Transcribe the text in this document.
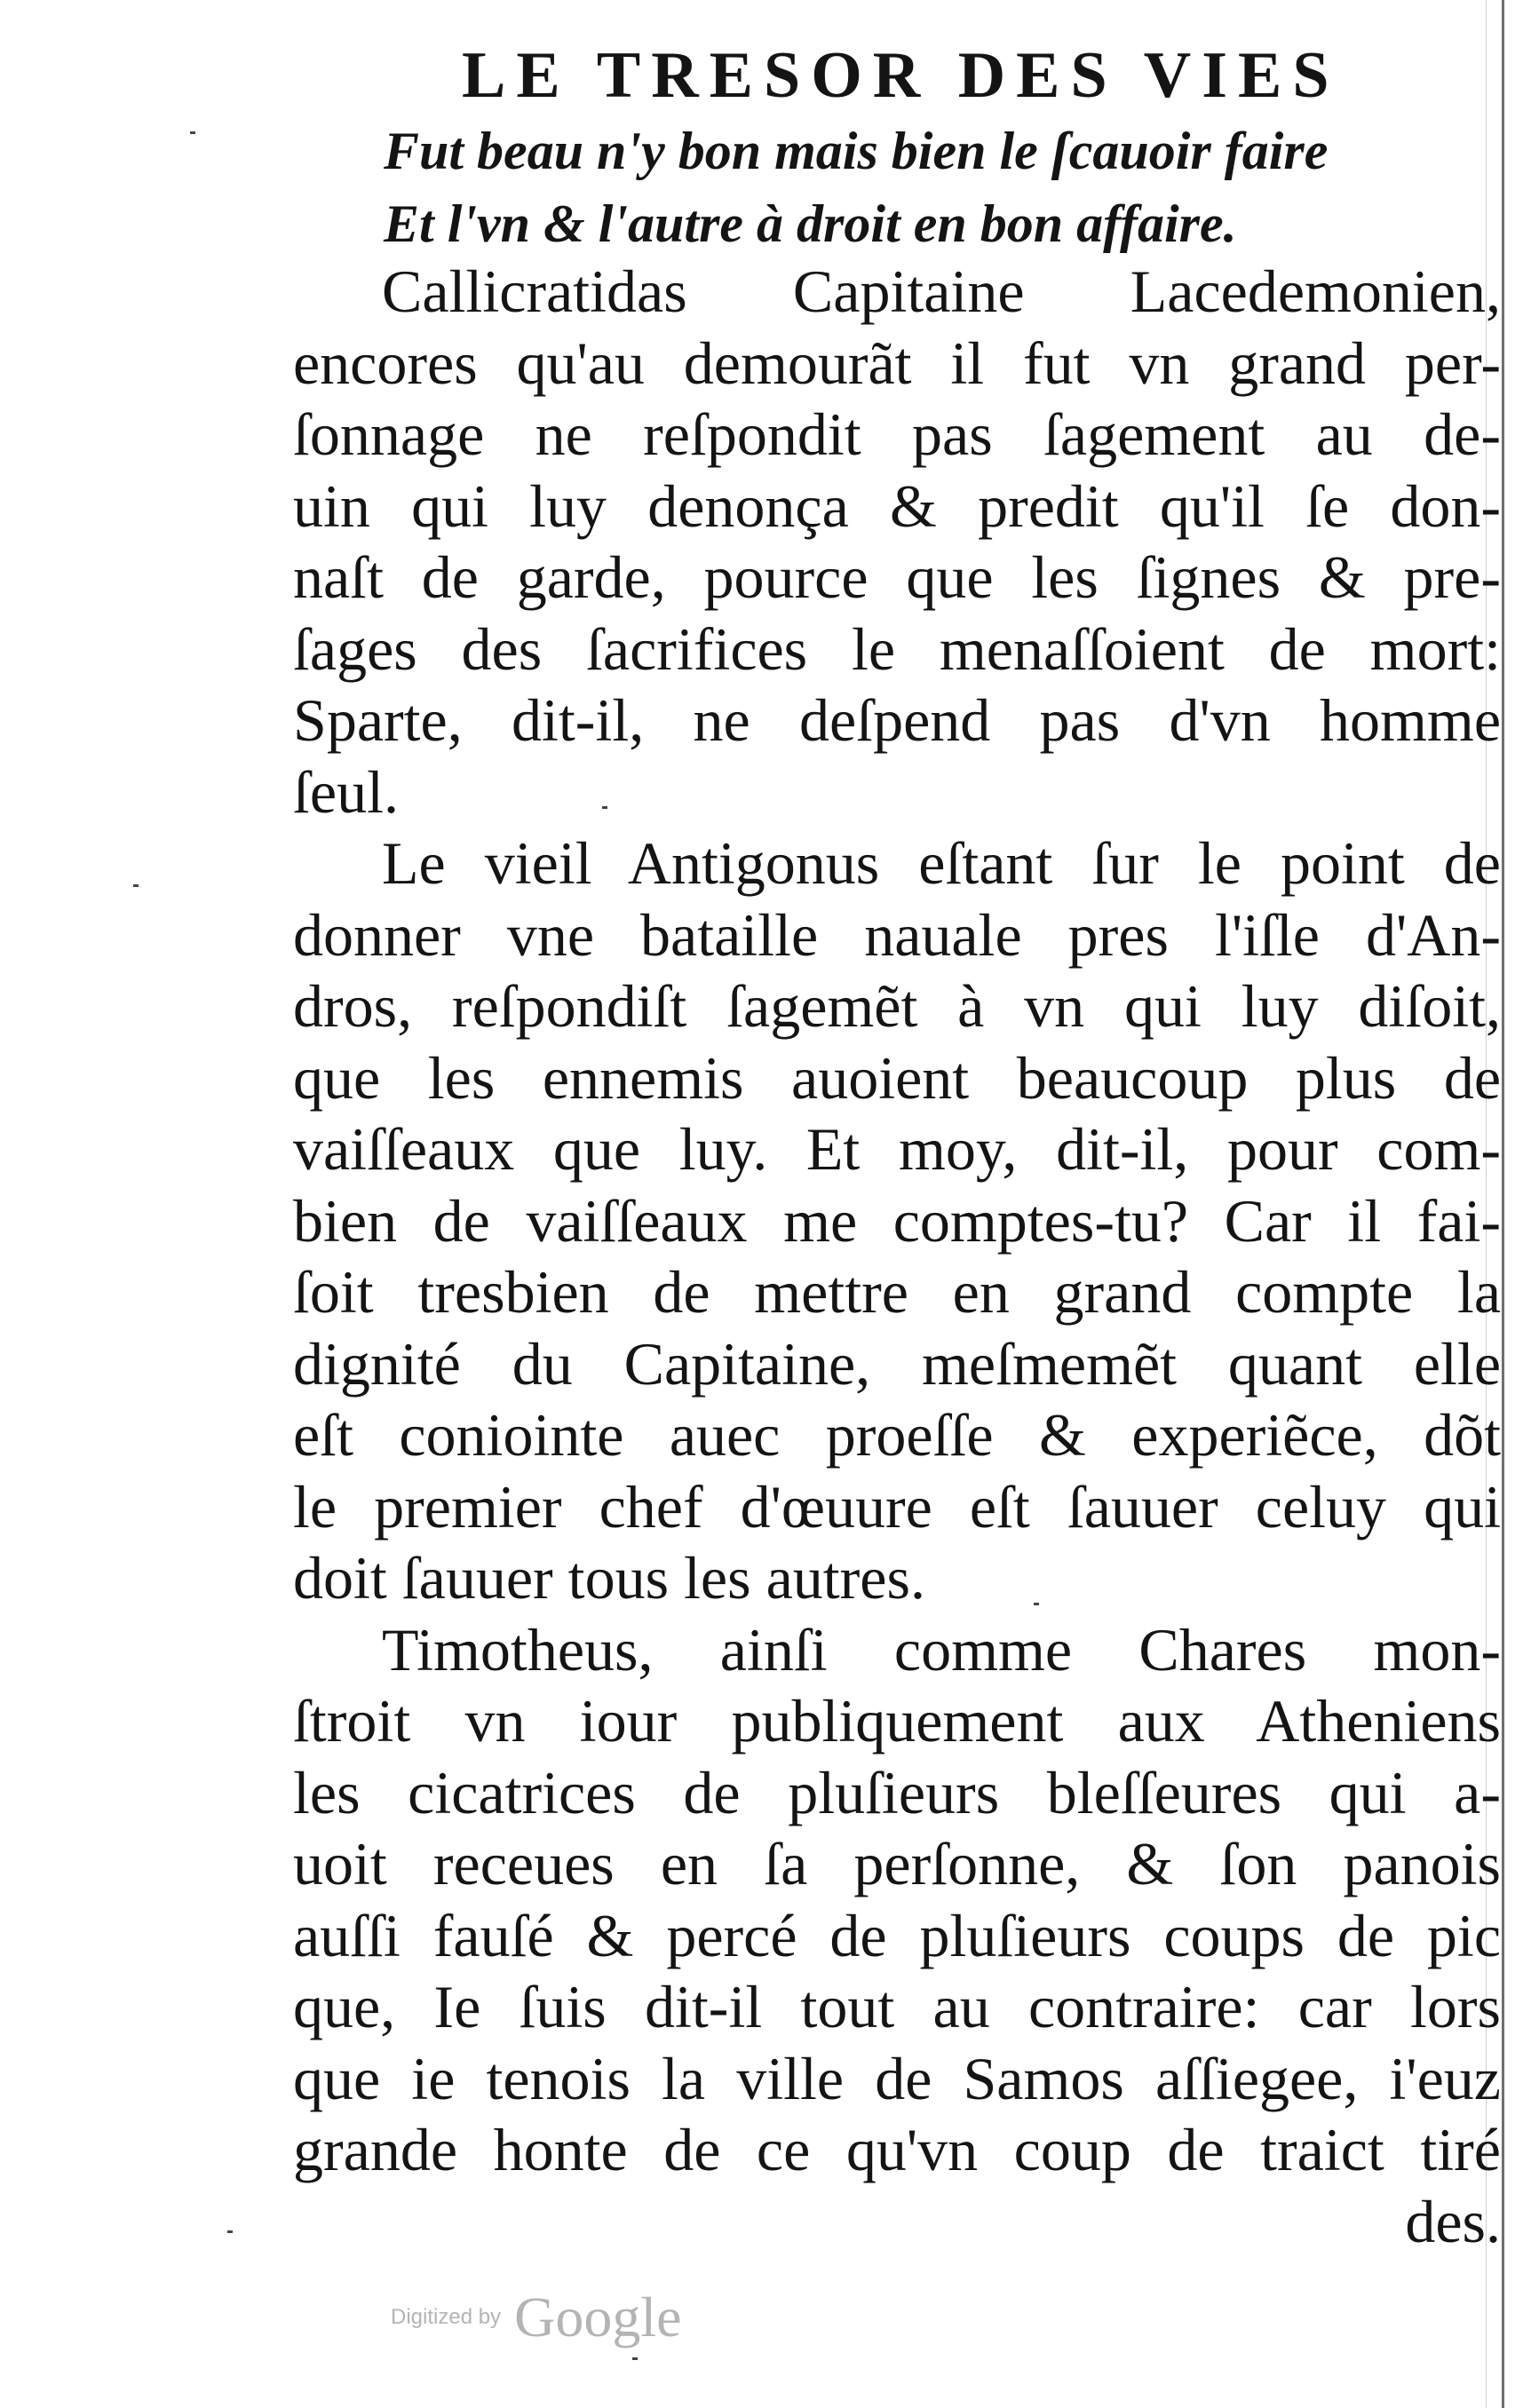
LE TRESOR DES VIES
Fut beau n'y bon mais bien le ſcauoir faire
Et l'vn & l'autre à droit en bon affaire.
Callicratidas Capitaine Lacedemonien,
encores qu'au demourãt il fut vn grand per-
ſonnage ne reſpondit pas ſagement au de-
uin qui luy denonça & predit qu'il ſe don-
naſt de garde, pource que les ſignes & pre-
ſages des ſacrifices le menaſſoient de mort:
Sparte, dit-il, ne deſpend pas d'vn homme
ſeul.
Le vieil Antigonus eſtant ſur le point de
donner vne bataille nauale pres l'iſle d'An-
dros, reſpondiſt ſagemẽt à vn qui luy diſoit,
que les ennemis auoient beaucoup plus de
vaiſſeaux que luy. Et moy, dit-il, pour com-
bien de vaiſſeaux me comptes-tu? Car il fai-
ſoit tresbien de mettre en grand compte la
dignité du Capitaine, meſmemẽt quant elle
eſt coniointe auec proeſſe & experiẽce, dõt
le premier chef d'œuure eſt ſauuer celuy qui
doit ſauuer tous les autres.
Timotheus, ainſi comme Chares mon-
ſtroit vn iour publiquement aux Atheniens
les cicatrices de pluſieurs bleſſeures qui a-
uoit receues en ſa perſonne, & ſon panois
auſſi fauſé & percé de pluſieurs coups de pic
que, Ie ſuis dit-il tout au contraire: car lors
que ie tenois la ville de Samos aſſiegee, i'euz
grande honte de ce qu'vn coup de traict tiré
des.
Digitized by Google
